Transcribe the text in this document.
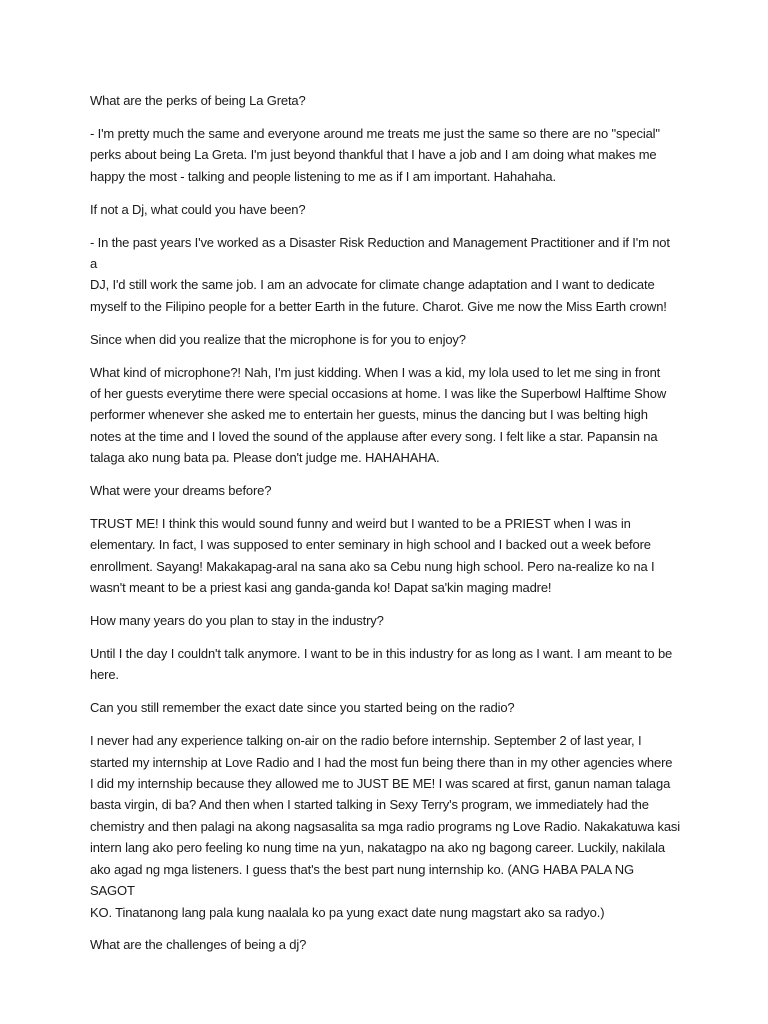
What are the perks of being La Greta?

- I'm pretty much the same and everyone around me treats me just the same so there are no "special"
perks about being La Greta. I'm just beyond thankful that I have a job and I am doing what makes me
happy the most - talking and people listening to me as if I am important. Hahahaha.

If not a Dj, what could you have been?

- In the past years I've worked as a Disaster Risk Reduction and Management Practitioner and if I'm not a
DJ, I'd still work the same job. I am an advocate for climate change adaptation and I want to dedicate
myself to the Filipino people for a better Earth in the future. Charot. Give me now the Miss Earth crown!

Since when did you realize that the microphone is for you to enjoy?

What kind of microphone?! Nah, I'm just kidding. When I was a kid, my lola used to let me sing in front
of her guests everytime there were special occasions at home. I was like the Superbowl Halftime Show
performer whenever she asked me to entertain her guests, minus the dancing but I was belting high
notes at the time and I loved the sound of the applause after every song. I felt like a star. Papansin na
talaga ako nung bata pa. Please don't judge me. HAHAHAHA.

What were your dreams before?

TRUST ME! I think this would sound funny and weird but I wanted to be a PRIEST when I was in
elementary. In fact, I was supposed to enter seminary in high school and I backed out a week before
enrollment. Sayang! Makakapag-aral na sana ako sa Cebu nung high school. Pero na-realize ko na I
wasn't meant to be a priest kasi ang ganda-ganda ko! Dapat sa'kin maging madre!

How many years do you plan to stay in the industry?

Until I the day I couldn't talk anymore. I want to be in this industry for as long as I want. I am meant to be
here.

Can you still remember the exact date since you started being on the radio?

I never had any experience talking on-air on the radio before internship. September 2 of last year, I
started my internship at Love Radio and I had the most fun being there than in my other agencies where
I did my internship because they allowed me to JUST BE ME! I was scared at first, ganun naman talaga
basta virgin, di ba? And then when I started talking in Sexy Terry's program, we immediately had the
chemistry and then palagi na akong nagsasalita sa mga radio programs ng Love Radio. Nakakatuwa kasi
intern lang ako pero feeling ko nung time na yun, nakatagpo na ako ng bagong career. Luckily, nakilala
ako agad ng mga listeners. I guess that's the best part nung internship ko. (ANG HABA PALA NG SAGOT
KO. Tinatanong lang pala kung naalala ko pa yung exact date nung magstart ako sa radyo.)

What are the challenges of being a dj?
